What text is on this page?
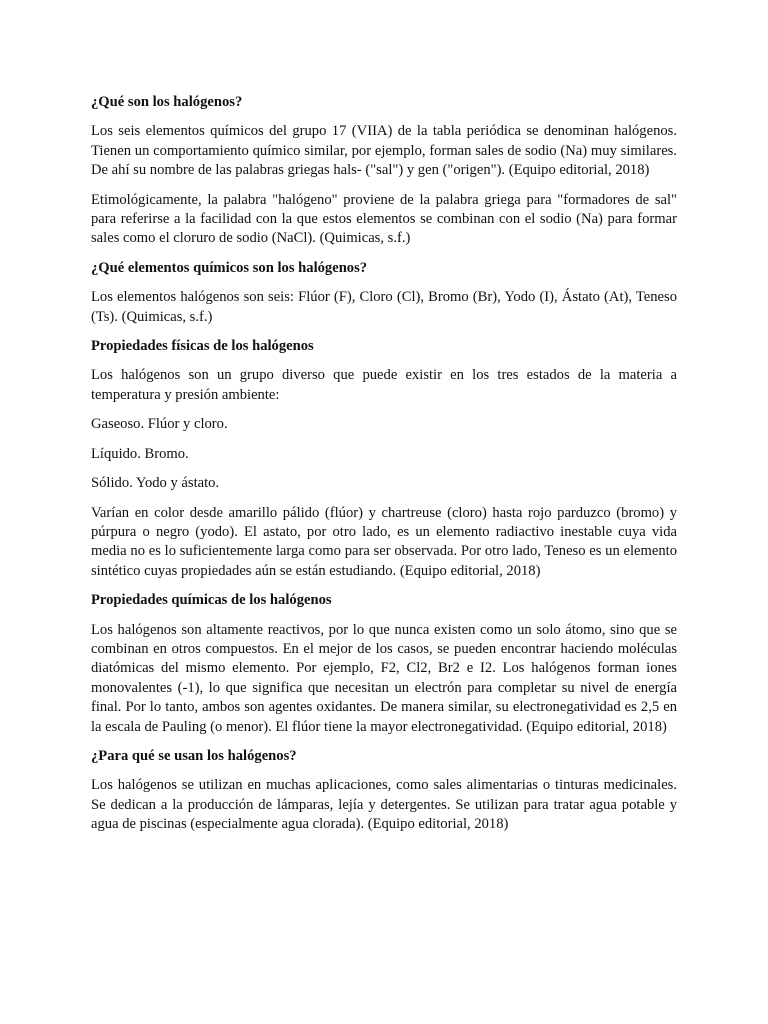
¿Qué son los halógenos?

Los seis elementos químicos del grupo 17 (VIIA) de la tabla periódica se denominan halógenos. Tienen un comportamiento químico similar, por ejemplo, forman sales de sodio (Na) muy similares. De ahí su nombre de las palabras griegas hals- ("sal") y gen ("origen"). (Equipo editorial, 2018)

Etimológicamente, la palabra "halógeno" proviene de la palabra griega para "formadores de sal" para referirse a la facilidad con la que estos elementos se combinan con el sodio (Na) para formar sales como el cloruro de sodio (NaCl). (Quimicas, s.f.)

¿Qué elementos químicos son los halógenos?

Los elementos halógenos son seis: Flúor (F), Cloro (Cl), Bromo (Br), Yodo (I), Ástato (At), Teneso (Ts). (Quimicas, s.f.)

Propiedades físicas de los halógenos

Los halógenos son un grupo diverso que puede existir en los tres estados de la materia a temperatura y presión ambiente:

Gaseoso. Flúor y cloro.

Líquido. Bromo.

Sólido. Yodo y ástato.

Varían en color desde amarillo pálido (flúor) y chartreuse (cloro) hasta rojo parduzco (bromo) y púrpura o negro (yodo). El astato, por otro lado, es un elemento radiactivo inestable cuya vida media no es lo suficientemente larga como para ser observada. Por otro lado, Teneso es un elemento sintético cuyas propiedades aún se están estudiando. (Equipo editorial, 2018)

Propiedades químicas de los halógenos

Los halógenos son altamente reactivos, por lo que nunca existen como un solo átomo, sino que se combinan en otros compuestos. En el mejor de los casos, se pueden encontrar haciendo moléculas diatómicas del mismo elemento. Por ejemplo, F2, Cl2, Br2 e I2. Los halógenos forman iones monovalentes (-1), lo que significa que necesitan un electrón para completar su nivel de energía final. Por lo tanto, ambos son agentes oxidantes. De manera similar, su electronegatividad es 2,5 en la escala de Pauling (o menor). El flúor tiene la mayor electronegatividad. (Equipo editorial, 2018)

¿Para qué se usan los halógenos?

Los halógenos se utilizan en muchas aplicaciones, como sales alimentarias o tinturas medicinales. Se dedican a la producción de lámparas, lejía y detergentes. Se utilizan para tratar agua potable y agua de piscinas (especialmente agua clorada). (Equipo editorial, 2018)
